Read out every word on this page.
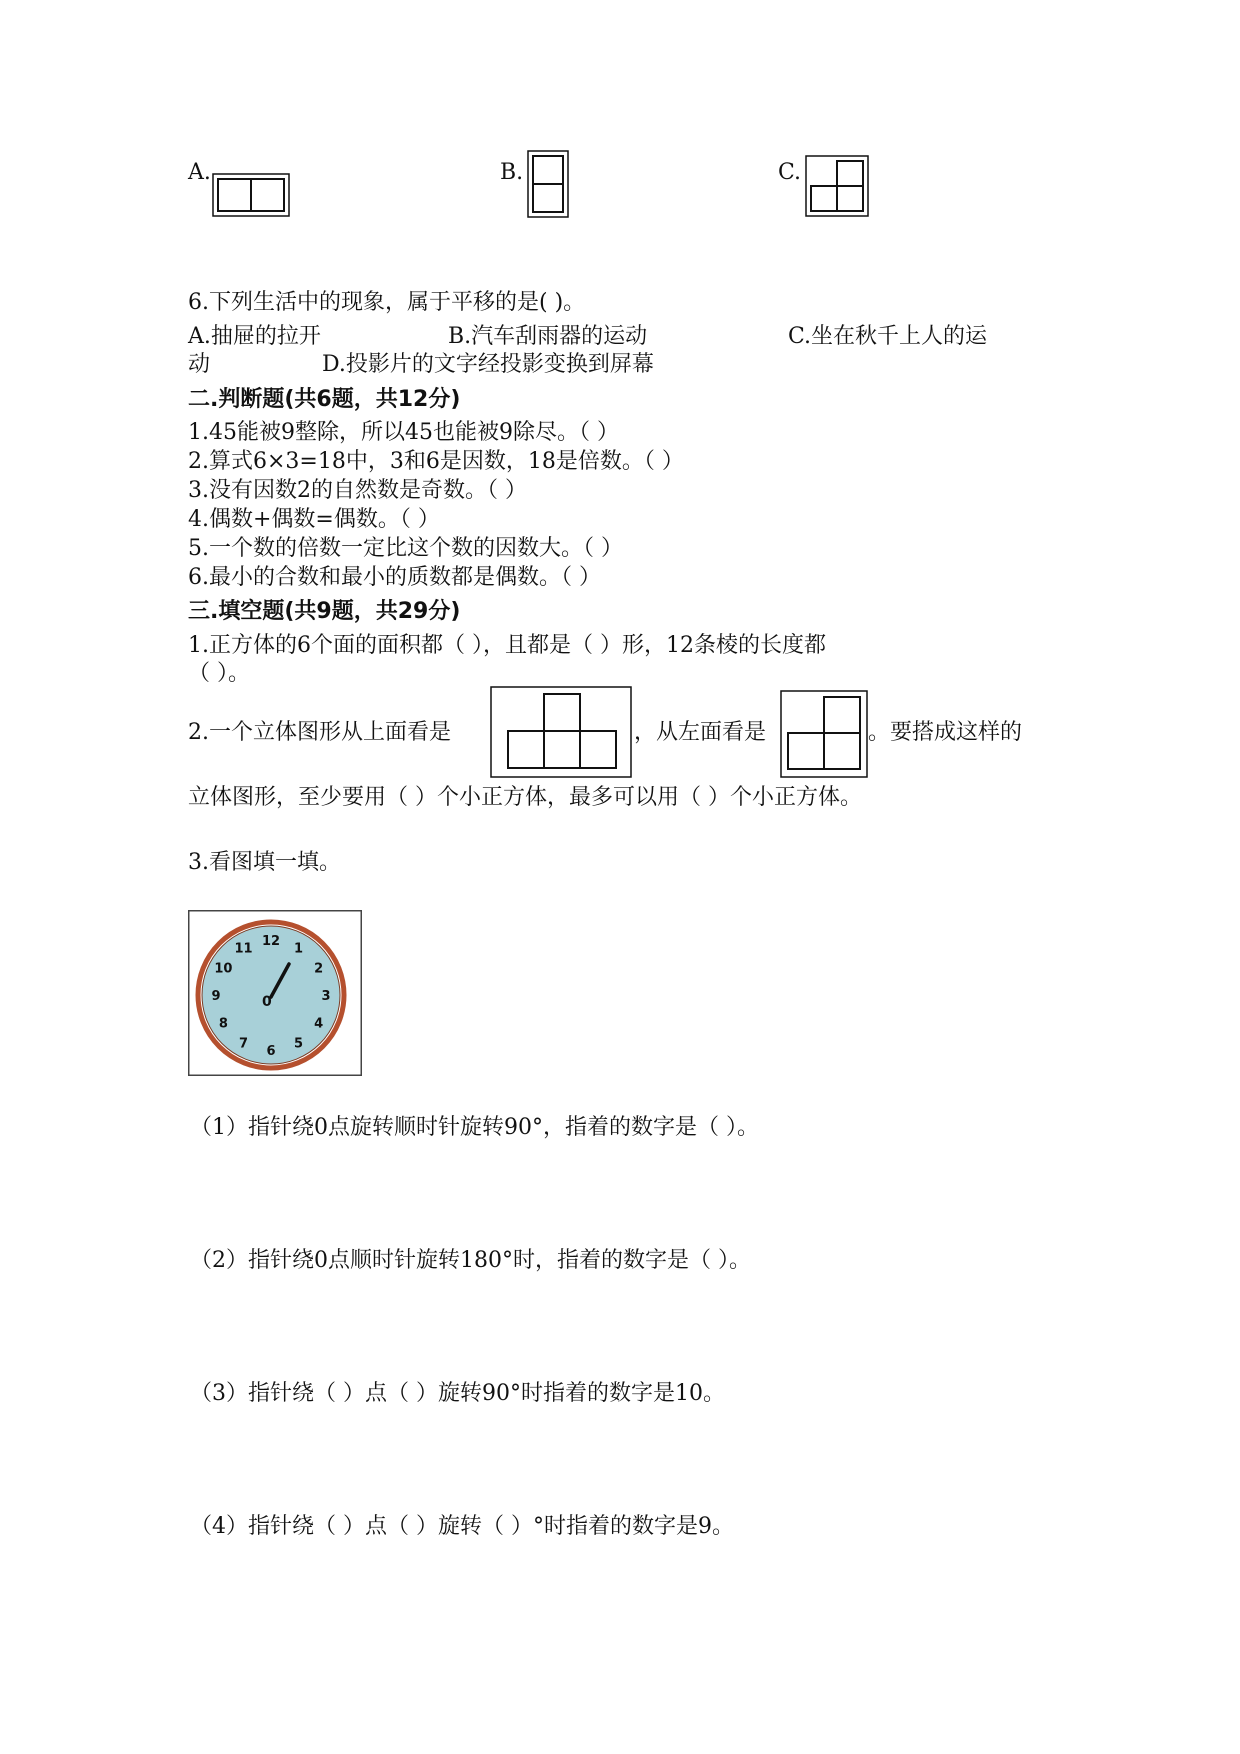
A.	B.	C.
6.下列生活中的现象，属于平移的是( )。
A.抽屉的拉开	B.汽车刮雨器的运动	C.坐在秋千上人的运
动	D.投影片的文字经投影变换到屏幕
二.判断题(共6题，共12分)
1.45能被9整除，所以45也能被9除尽。（ ）
2.算式6×3=18中，3和6是因数，18是倍数。（ ）
3.没有因数2的自然数是奇数。（ ）
4.偶数+偶数=偶数。（ ）
5.一个数的倍数一定比这个数的因数大。（ ）
6.最小的合数和最小的质数都是偶数。（ ）
三.填空题(共9题，共29分)
1.正方体的6个面的面积都（ ），且都是（ ）形，12条棱的长度都
（ ）。
2.一个立体图形从上面看是	，从左面看是	。要搭成这样的
立体图形，至少要用（ ）个小正方体，最多可以用（ ）个小正方体。
3.看图填一填。
12 1
2
3
4
5
6
7
8
9
10
11
0
（1）指针绕0点旋转顺时针旋转90°，指着的数字是（ ）。
（2）指针绕0点顺时针旋转180°时，指着的数字是（ ）。
（3）指针绕（ ）点（ ）旋转90°时指着的数字是10。
（4）指针绕（ ）点（ ）旋转（ ）°时指着的数字是9。
